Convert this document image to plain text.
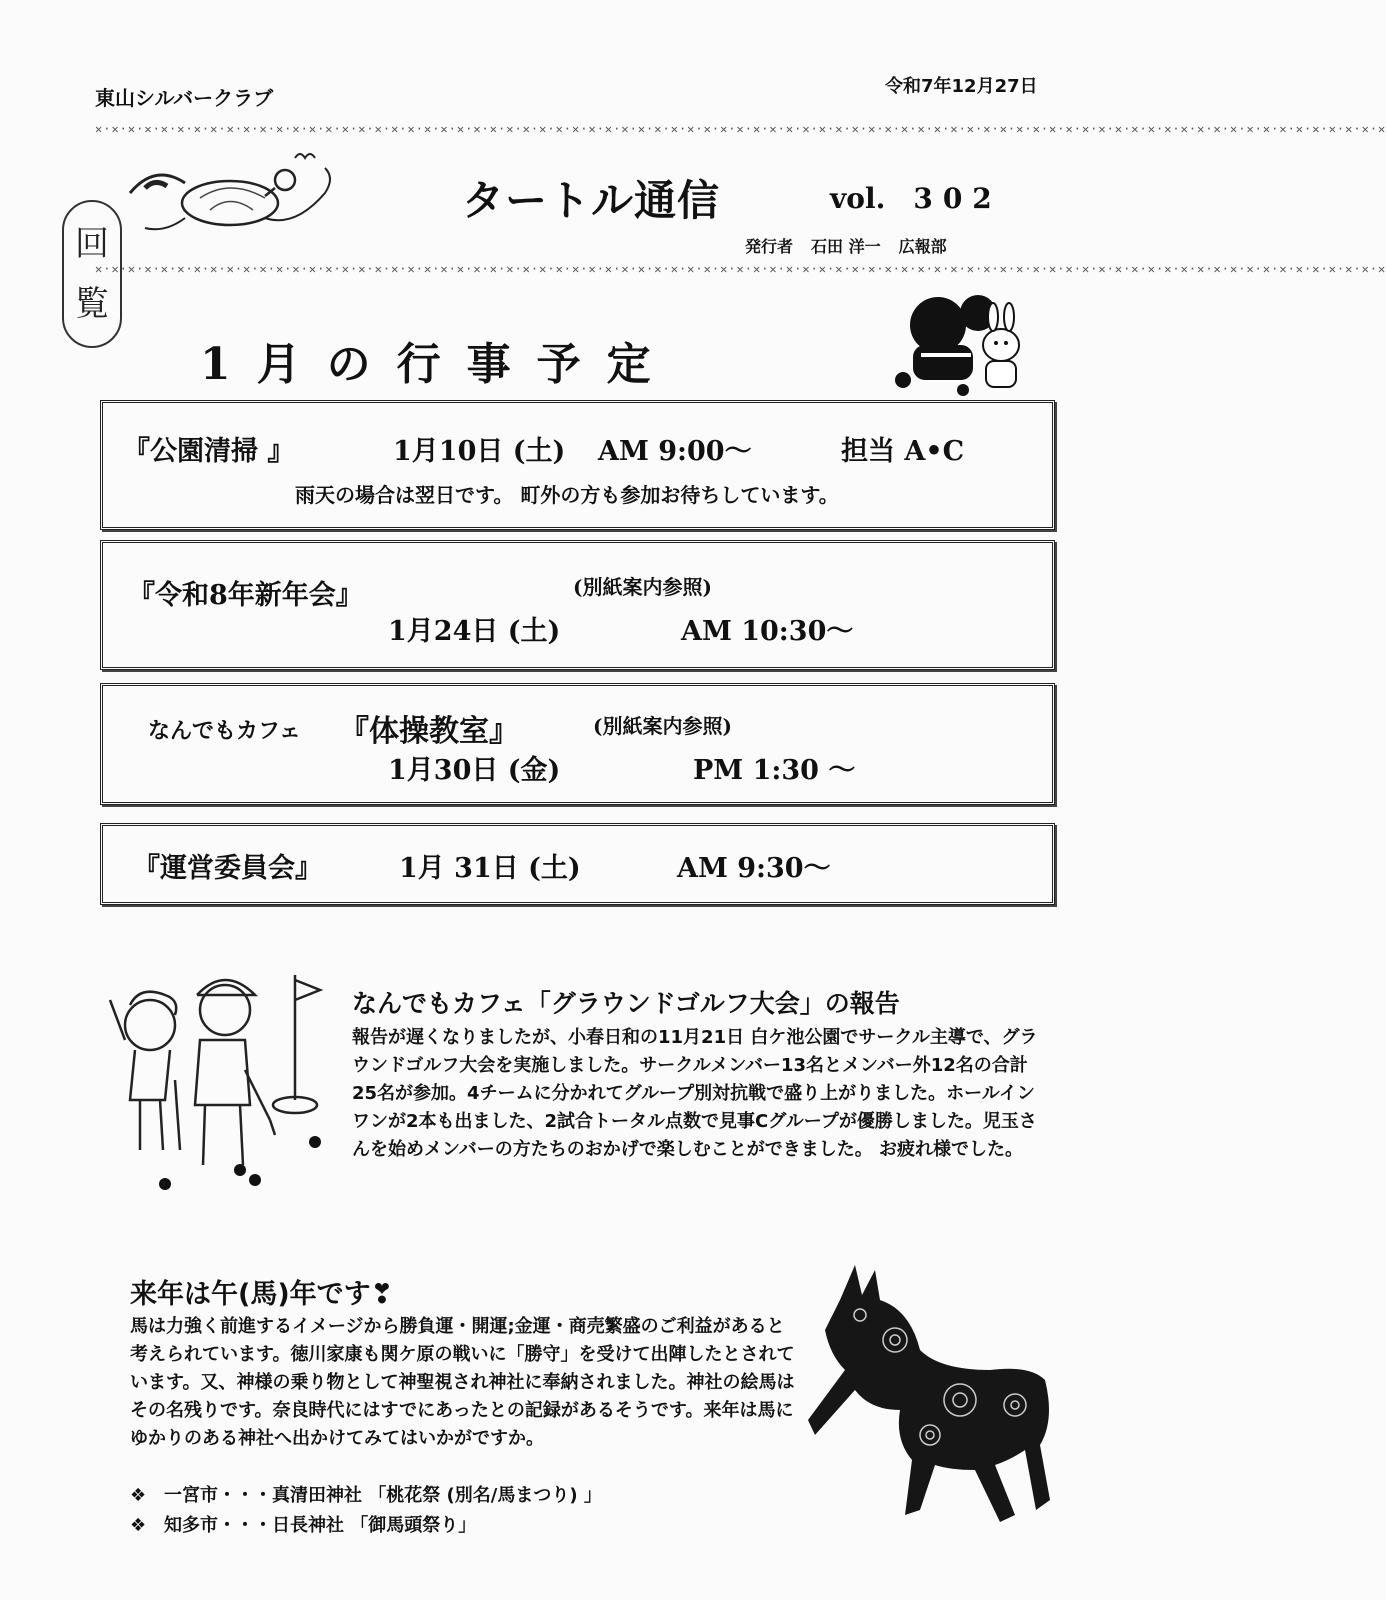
東山シルバークラブ	令和7年12月27日
✕·✕·✕·✕·✕·✕·✕·✕·✕·✕·✕·✕·✕·✕·✕·✕·✕·✕·✕·✕·✕·✕·✕·✕·✕·✕·✕·✕·✕·✕·✕·✕·✕·✕·✕·✕·✕·✕·✕·✕·✕·✕·✕·✕·✕·✕·✕·✕·✕·✕·✕·✕·✕·✕·✕·✕·✕·✕·✕·✕·✕·✕·✕·✕·✕·✕·✕·✕·✕·✕·✕·✕·✕·✕·✕·✕·✕·✕·✕
回覧
タートル通信	vol. 302
発行者 石田 洋一 広報部
✕·✕·✕·✕·✕·✕·✕·✕·✕·✕·✕·✕·✕·✕·✕·✕·✕·✕·✕·✕·✕·✕·✕·✕·✕·✕·✕·✕·✕·✕·✕·✕·✕·✕·✕·✕·✕·✕·✕·✕·✕·✕·✕·✕·✕·✕·✕·✕·✕·✕·✕·✕·✕·✕·✕·✕·✕·✕·✕·✕·✕·✕·✕·✕·✕·✕·✕·✕·✕·✕·✕·✕·✕·✕·✕·✕·✕·✕·✕
1月の行事予定
『公園清掃 』	1月10日 (土) AM 9:00～	担当 A•C
雨天の場合は翌日です。 町外の方も参加お待ちしています。
『令和8年新年会』	(別紙案内参照)
1月24日 (土)	AM 10:30～
なんでもカフェ 『体操教室』	(別紙案内参照)
1月30日 (金)	PM 1:30 ～
『運営委員会』	1月 31日 (土)	AM 9:30～
なんでもカフェ「グラウンドゴルフ大会」の報告
報告が遅くなりましたが、小春日和の11月21日 白ケ池公園でサークル主導で、グラウンドゴルフ大会を実施しました。サークルメンバー13名とメンバー外12名の合計25名が参加。4チームに分かれてグループ別対抗戦で盛り上がりました。ホールインワンが2本も出ました、2試合トータル点数で見事Cグループが優勝しました。児玉さんを始めメンバーの方たちのおかげで楽しむことができました。 お疲れ様でした。
来年は午(馬)年です❣
馬は力強く前進するイメージから勝負運・開運;金運・商売繁盛のご利益があると考えられています。徳川家康も関ケ原の戦いに「勝守」を受けて出陣したとされています。又、神様の乗り物として神聖視され神社に奉納されました。神社の絵馬はその名残りです。奈良時代にはすでにあったとの記録があるそうです。来年は馬にゆかりのある神社へ出かけてみてはいかがですか。
❖ 一宮市・・・真清田神社 「桃花祭 (別名/馬まつり) 」
❖ 知多市・・・日長神社 「御馬頭祭り」
